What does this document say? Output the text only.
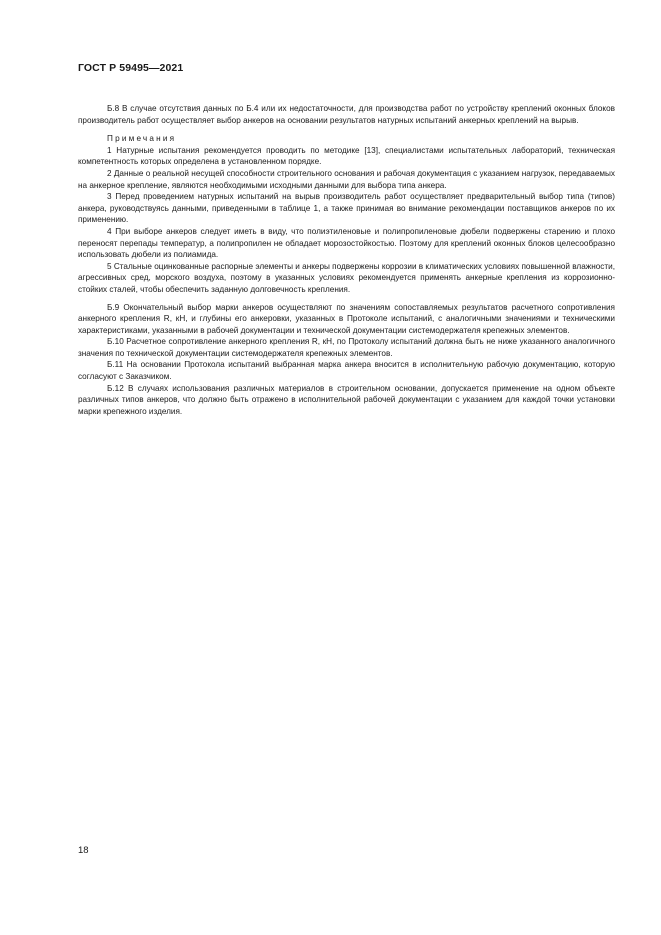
ГОСТ Р 59495—2021

Б.8 В случае отсутствия данных по Б.4 или их недостаточности, для производства работ по устройству креплений оконных блоков производитель работ осуществляет выбор анкеров на основании результатов натурных испытаний анкерных креплений на вырыв.

Примечания

1 Натурные испытания рекомендуется проводить по методике [13], специалистами испытательных лабораторий, техническая компетентность которых определена в установленном порядке.

2 Данные о реальной несущей способности строительного основания и рабочая документация с указанием нагрузок, передаваемых на анкерное крепление, являются необходимыми исходными данными для выбора типа анкера.

3 Перед проведением натурных испытаний на вырыв производитель работ осуществляет предварительный выбор типа (типов) анкера, руководствуясь данными, приведенными в таблице 1, а также принимая во внимание рекомендации поставщиков анкеров по их применению.

4 При выборе анкеров следует иметь в виду, что полиэтиленовые и полипропиленовые дюбели подвержены старению и плохо переносят перепады температур, а полипропилен не обладает морозостойкостью. Поэтому для креплений оконных блоков целесообразно использовать дюбели из полиамида.

5 Стальные оцинкованные распорные элементы и анкеры подвержены коррозии в климатических условиях повышенной влажности, агрессивных сред, морского воздуха, поэтому в указанных условиях рекомендуется применять анкерные крепления из коррозионно-стойких сталей, чтобы обеспечить заданную долговечность крепления.

Б.9 Окончательный выбор марки анкеров осуществляют по значениям сопоставляемых результатов расчетного сопротивления анкерного крепления R, кН, и глубины его анкеровки, указанных в Протоколе испытаний, с аналогичными значениями и техническими характеристиками, указанными в рабочей документации и технической документации системодержателя крепежных элементов.

Б.10 Расчетное сопротивление анкерного крепления R, кН, по Протоколу испытаний должна быть не ниже указанного аналогичного значения по технической документации системодержателя крепежных элементов.

Б.11 На основании Протокола испытаний выбранная марка анкера вносится в исполнительную рабочую документацию, которую согласуют с Заказчиком.

Б.12 В случаях использования различных материалов в строительном основании, допускается применение на одном объекте различных типов анкеров, что должно быть отражено в исполнительной рабочей документации с указанием для каждой точки установки марки крепежного изделия.

18
